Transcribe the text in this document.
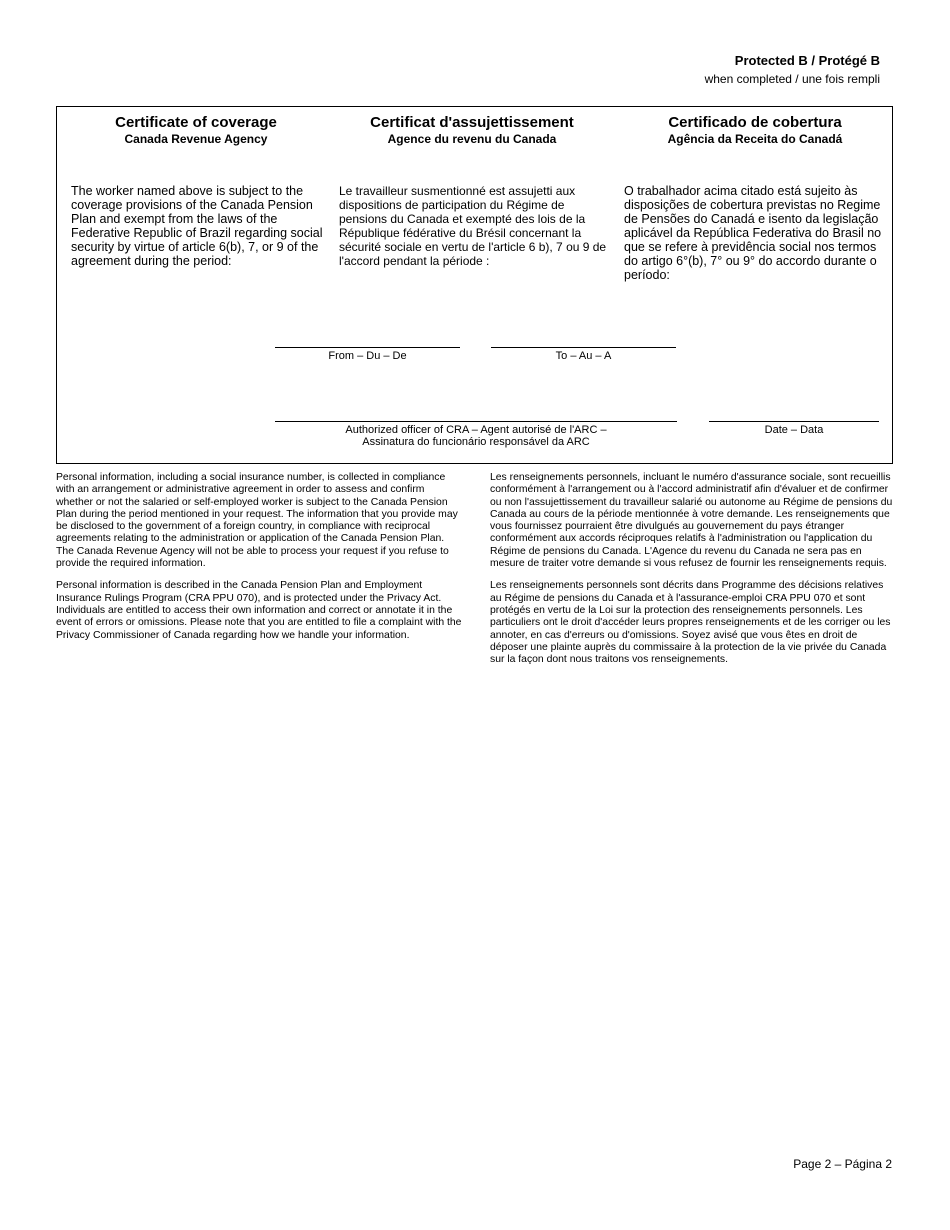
Protected B / Protégé B
when completed / une fois rempli
Certificate of coverage
Canada Revenue Agency
Certificat d'assujettissement
Agence du revenu du Canada
Certificado de cobertura
Agência da Receita do Canadá
The worker named above is subject to the coverage provisions of the Canada Pension Plan and exempt from the laws of the Federative Republic of Brazil regarding social security by virtue of article 6(b), 7, or 9 of the agreement during the period:
Le travailleur susmentionné est assujetti aux dispositions de participation du Régime de pensions du Canada et exempté des lois de la République fédérative du Brésil concernant la sécurité sociale en vertu de l'article 6 b), 7 ou 9 de l'accord pendant la période :
O trabalhador acima citado está sujeito às disposições de cobertura previstas no Regime de Pensões do Canadá e isento da legislação aplicável da República Federativa do Brasil no que se refere à previdência social nos termos do artigo 6°(b), 7° ou 9° do accordo durante o período:
From – Du – De	To – Au – A
Authorized officer of CRA – Agent autorisé de l'ARC –
Assinatura do funcionário responsável da ARC
Date – Data

Personal information, including a social insurance number, is collected in compliance with an arrangement or administrative agreement in order to assess and confirm whether or not the salaried or self-employed worker is subject to the Canada Pension Plan during the period mentioned in your request. The information that you provide may be disclosed to the government of a foreign country, in compliance with reciprocal agreements relating to the administration or application of the Canada Pension Plan. The Canada Revenue Agency will not be able to process your request if you refuse to provide the required information.

Personal information is described in the Canada Pension Plan and Employment Insurance Rulings Program (CRA PPU 070), and is protected under the Privacy Act. Individuals are entitled to access their own information and correct or annotate it in the event of errors or omissions. Please note that you are entitled to file a complaint with the Privacy Commissioner of Canada regarding how we handle your information.

Les renseignements personnels, incluant le numéro d'assurance sociale, sont recueillis conformément à l'arrangement ou à l'accord administratif afin d'évaluer et de confirmer ou non l'assujettissement du travailleur salarié ou autonome au Régime de pensions du Canada au cours de la période mentionnée à votre demande. Les renseignements que vous fournissez pourraient être divulgués au gouvernement du pays étranger conformément aux accords réciproques relatifs à l'administration ou l'application du Régime de pensions du Canada. L'Agence du revenu du Canada ne sera pas en mesure de traiter votre demande si vous refusez de fournir les renseignements requis.

Les renseignements personnels sont décrits dans Programme des décisions relatives au Régime de pensions du Canada et à l'assurance-emploi CRA PPU 070 et sont protégés en vertu de la Loi sur la protection des renseignements personnels. Les particuliers ont le droit d'accéder leurs propres renseignements et de les corriger ou les annoter, en cas d'erreurs ou d'omissions. Soyez avisé que vous êtes en droit de déposer une plainte auprès du commissaire à la protection de la vie privée du Canada sur la façon dont nous traitons vos renseignements.

Page 2 – Página 2
